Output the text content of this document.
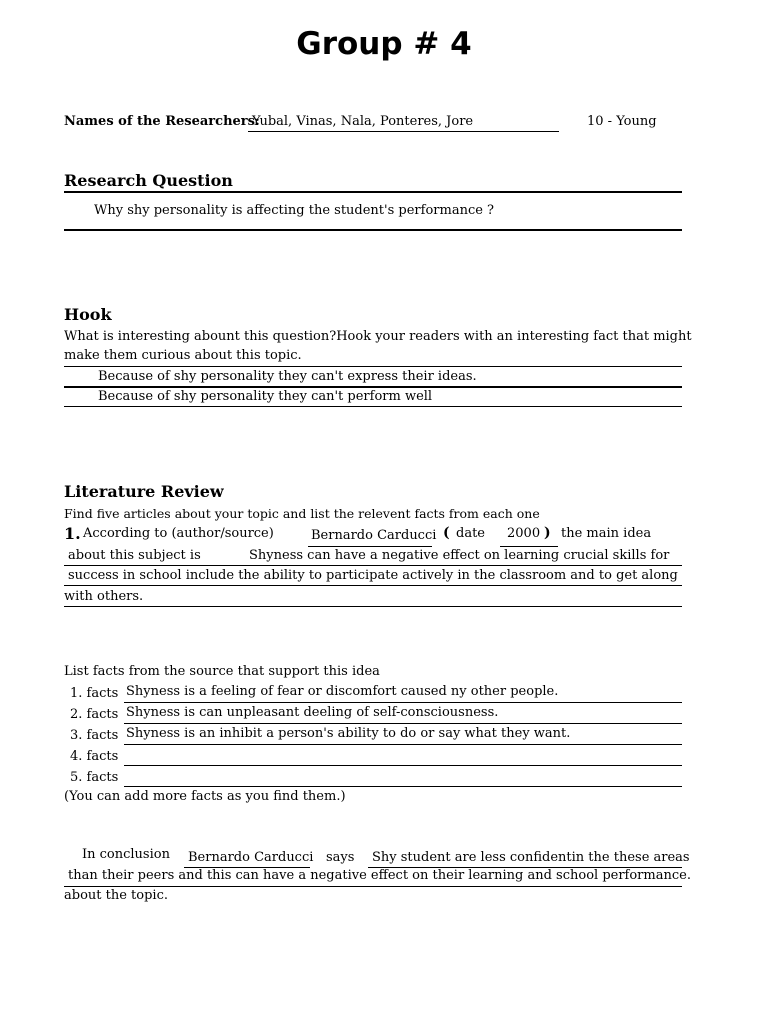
Group # 4
Names of the Researchers:
Yubal, Vinas, Nala, Ponteres, Jore	10 - Young
Research Question
Why shy personality is affecting the student's performance ?
Hook
What is interesting abount this question?Hook your readers with an interesting fact that might
make them curious about this topic.
Because of shy personality they can't express their ideas.
Because of shy personality they can't perform well
Literature Review
Find five articles about your topic and list the relevent facts from each one
1. According to (author/source)	Bernardo Carducci ( date 2000 ) the main idea
about this subject is	Shyness can have a negative effect on learning crucial skills for
success in school include the ability to participate actively in the classroom and to get along
with others.
List facts from the source that support this idea
1. facts Shyness is a feeling of fear or discomfort caused ny other people.
2. facts Shyness is can unpleasant deeling of self-consciousness.
3. facts Shyness is an inhibit a person's ability to do or say what they want.
4. facts
5. facts
(You can add more facts as you find them.)
In conclusion Bernardo Carducci says Shy student are less confidentin the these areas
than their peers and this can have a negative effect on their learning and school performance.
about the topic.
